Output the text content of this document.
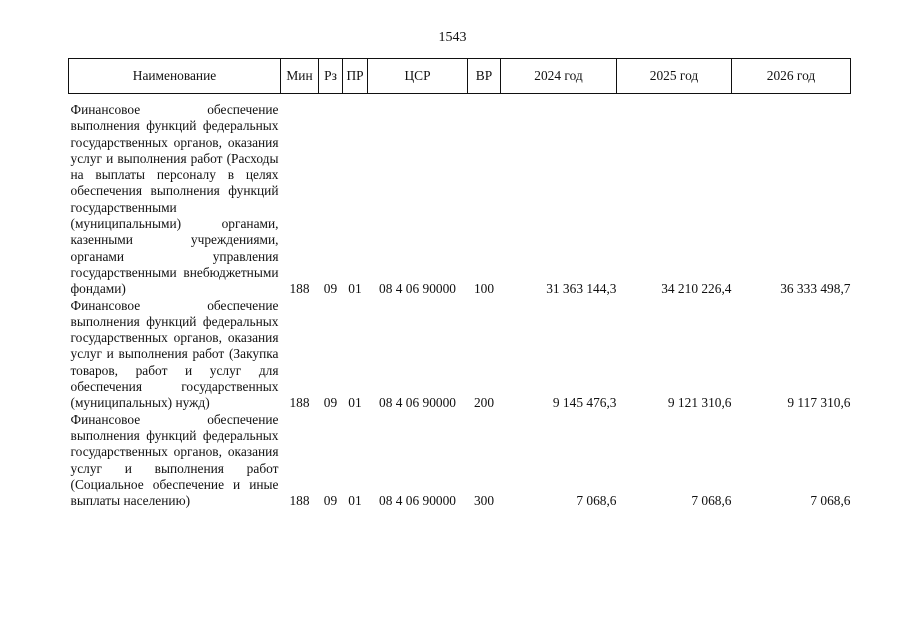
1543
Наименование	Мин	Рз	ПР	ЦСР	ВР	2024 год	2025 год	2026 год

Финансовое обеспечение выполнения функций федеральных государственных органов, оказания услуг и выполнения работ (Расходы на выплаты персоналу в целях обеспечения выполнения функций государственными (муниципальными) органами, казенными учреждениями, органами управления государственными внебюджетными фондами)	188	09	01	08 4 06 90000	100	31 363 144,3	34 210 226,4	36 333 498,7

Финансовое обеспечение выполнения функций федеральных государственных органов, оказания услуг и выполнения работ (Закупка товаров, работ и услуг для обеспечения государственных (муниципальных) нужд)	188	09	01	08 4 06 90000	200	9 145 476,3	9 121 310,6	9 117 310,6

Финансовое обеспечение выполнения функций федеральных государственных органов, оказания услуг и выполнения работ (Социальное обеспечение и иные выплаты населению)	188	09	01	08 4 06 90000	300	7 068,6	7 068,6	7 068,6
